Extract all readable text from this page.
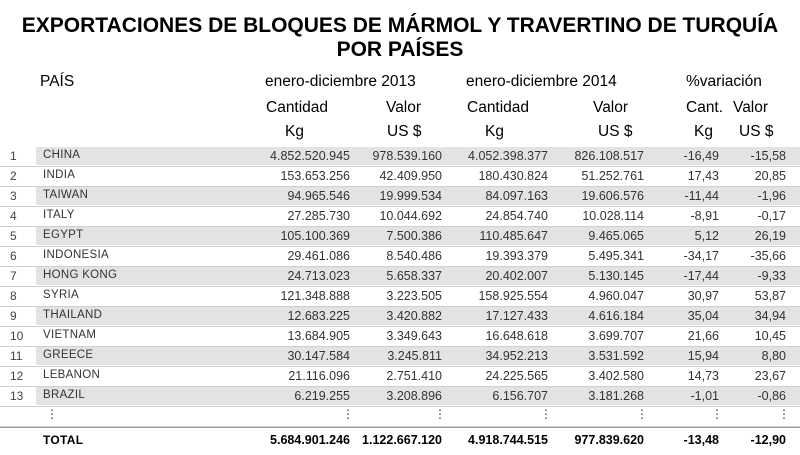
EXPORTACIONES DE BLOQUES DE MÁRMOL Y TRAVERTINO DE TURQUÍA
POR PAÍSES
PAÍS	enero-diciembre 2013	enero-diciembre 2014	%variación
Cantidad	Valor	Cantidad	Valor	Cant. Valor
Kg	US $	Kg	US $	Kg US $
1 CHINA	4.852.520.945 978.539.160 4.052.398.377 826.108.517	-16,49	-15,58
2 INDIA	153.653.256 42.409.950	180.430.824	51.252.761	17,43	20,85
3 TAIWAN	94.965.546 19.999.534	84.097.163	19.606.576	-11,44	-1,96
4 ITALY	27.285.730 10.044.692	24.854.740	10.028.114	-8,91	-0,17
5 EGYPT	105.100.369	7.500.386	110.485.647	9.465.065	5,12	26,19
6 INDONESIA	29.461.086	8.540.486	19.393.379	5.495.341	-34,17	-35,66
7 HONG KONG	24.713.023	5.658.337	20.402.007	5.130.145	-17,44	-9,33
8 SYRIA	121.348.888	3.223.505	158.925.554	4.960.047	30,97	53,87
9 THAILAND	12.683.225	3.420.882	17.127.433	4.616.184	35,04	34,94
10 VIETNAM	13.684.905	3.349.643	16.648.618	3.699.707	21,66	10,45
11 GREECE	30.147.584	3.245.811	34.952.213	3.531.592	15,94	8,80
12 LEBANON	21.116.096	2.751.410	24.225.565	3.402.580	14,73	23,67
13 BRAZIL	6.219.255	3.208.896	6.156.707	3.181.268	-1,01	-0,86
⋮	⋮	⋮	⋮	⋮	⋮	⋮
TOTAL	5.684.901.246 1.122.667.120 4.918.744.515 977.839.620	-13,48	-12,90
